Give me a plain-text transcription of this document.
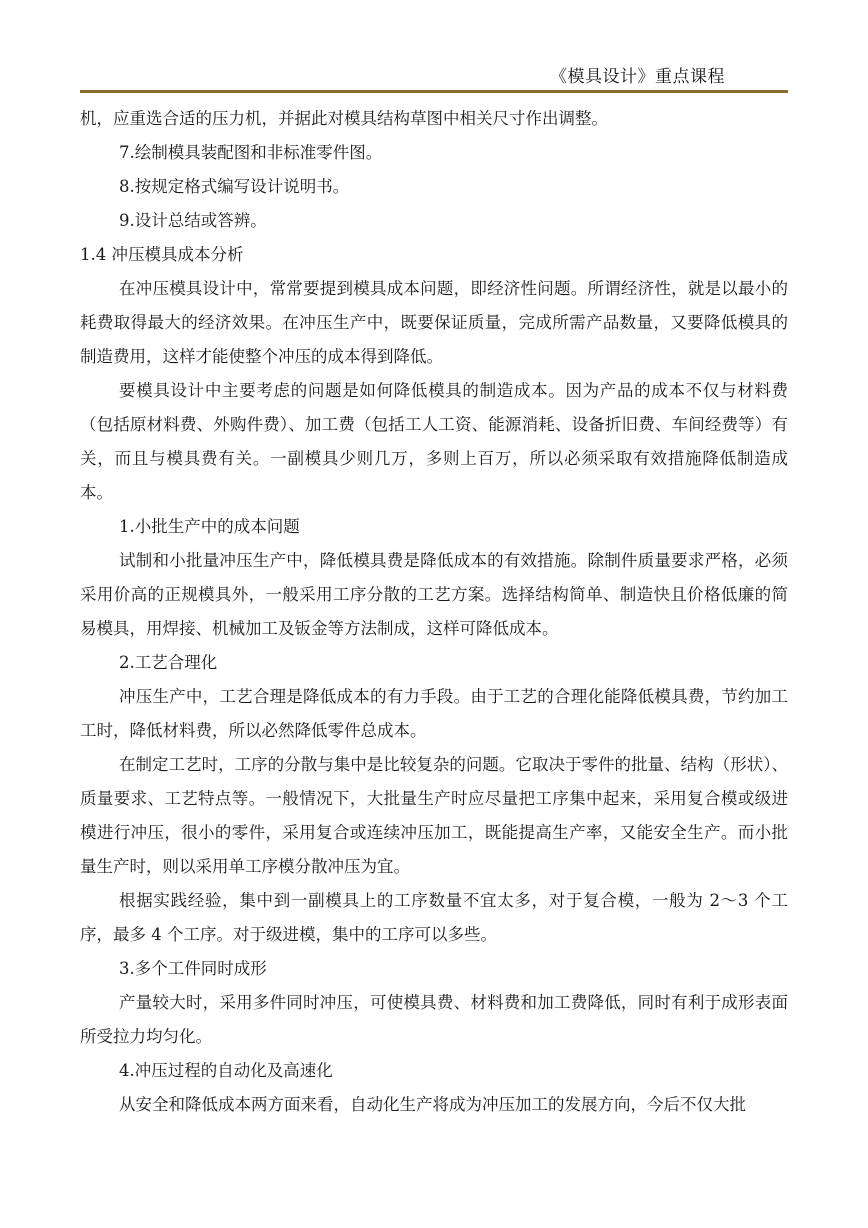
《模具设计》重点课程

机，应重选合适的压力机，并据此对模具结构草图中相关尺寸作出调整。

7.绘制模具装配图和非标准零件图。

8.按规定格式编写设计说明书。

9.设计总结或答辨。

1.4 冲压模具成本分析

在冲压模具设计中，常常要提到模具成本问题，即经济性问题。所谓经济性，就是以最小的耗费取得最大的经济效果。在冲压生产中，既要保证质量，完成所需产品数量，又要降低模具的制造费用，这样才能使整个冲压的成本得到降低。

要模具设计中主要考虑的问题是如何降低模具的制造成本。因为产品的成本不仅与材料费（包括原材料费、外购件费）、加工费（包括工人工资、能源消耗、设备折旧费、车间经费等）有关，而且与模具费有关。一副模具少则几万，多则上百万，所以必须采取有效措施降低制造成本。

1.小批生产中的成本问题

试制和小批量冲压生产中，降低模具费是降低成本的有效措施。除制件质量要求严格，必须采用价高的正规模具外，一般采用工序分散的工艺方案。选择结构简单、制造快且价格低廉的简易模具，用焊接、机械加工及钣金等方法制成，这样可降低成本。

2.工艺合理化

冲压生产中，工艺合理是降低成本的有力手段。由于工艺的合理化能降低模具费，节约加工工时，降低材料费，所以必然降低零件总成本。

在制定工艺时，工序的分散与集中是比较复杂的问题。它取决于零件的批量、结构（形状）、质量要求、工艺特点等。一般情况下，大批量生产时应尽量把工序集中起来，采用复合模或级进模进行冲压，很小的零件，采用复合或连续冲压加工，既能提高生产率，又能安全生产。而小批量生产时，则以采用单工序模分散冲压为宜。

根据实践经验，集中到一副模具上的工序数量不宜太多，对于复合模，一般为 2～3 个工序，最多 4 个工序。对于级进模，集中的工序可以多些。

3.多个工件同时成形

产量较大时，采用多件同时冲压，可使模具费、材料费和加工费降低，同时有利于成形表面所受拉力均匀化。

4.冲压过程的自动化及高速化

从安全和降低成本两方面来看，自动化生产将成为冲压加工的发展方向，今后不仅大批
